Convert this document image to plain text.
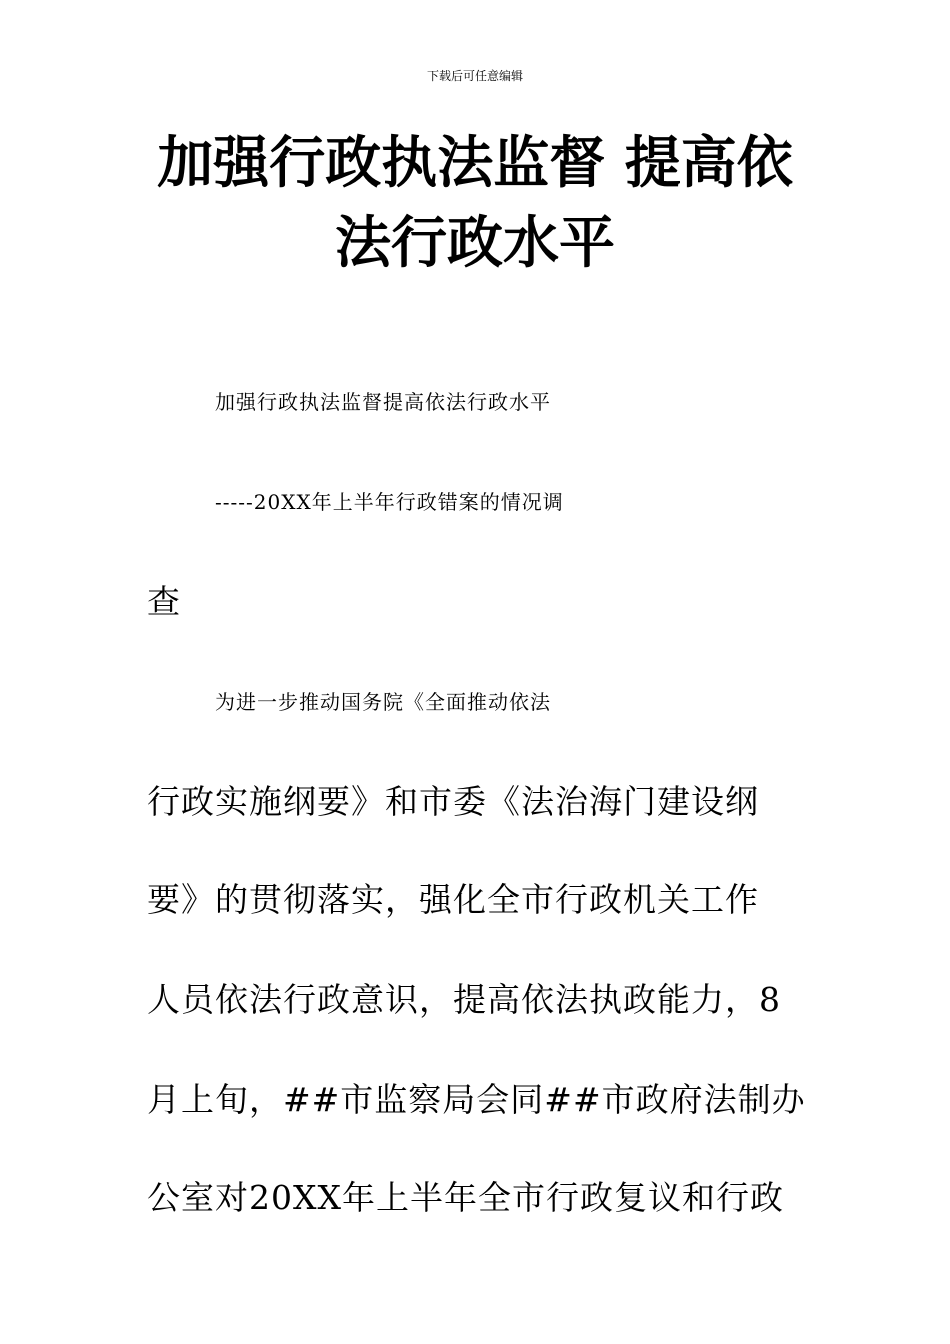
下载后可任意编辑
加强行政执法监督 提高依
法行政水平
加强行政执法监督提高依法行政水平
-----20XX年上半年行政错案的情况调
查
为进一步推动国务院《全面推动依法
行政实施纲要》和市委《法治海门建设纲
要》的贯彻落实，强化全市行政机关工作
人员依法行政意识，提高依法执政能力，8
月上旬，##市监察局会同##市政府法制办
公室对20XX年上半年全市行政复议和行政
